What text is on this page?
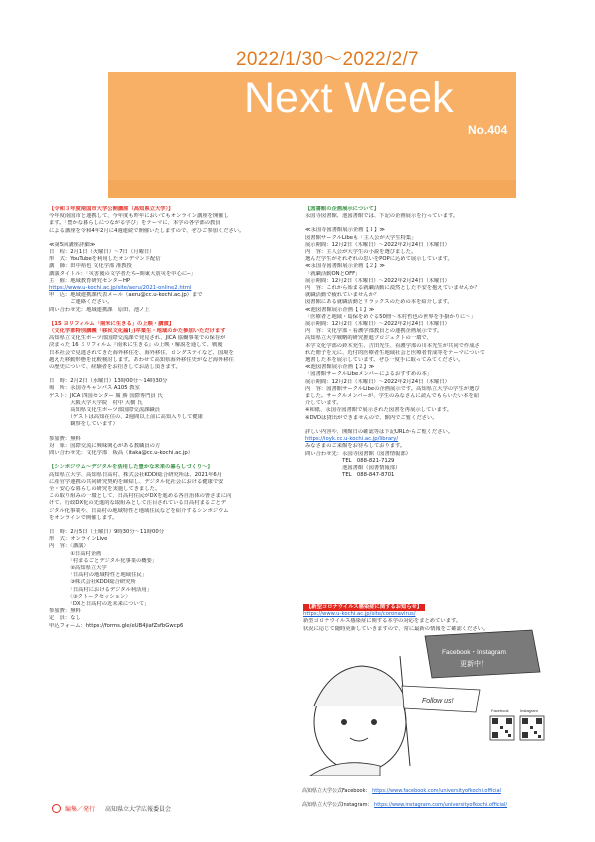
2022/1/30～2022/2/7
Next Week
No.404
【令和３年度南国市大学公開講座（高知県立大学）】
今年度南国市と連携して、今年度も昨年においてもオンライン講座を開催し
ます。「豊かな暮らしにつながる学び」をテーマに、本学の各学部の教員
による講座を令和4年2月に4週連続で開催いたしますので、ぜひご参加ください。
≪第5回講座詳細≫
日　程：2月1日（火曜日）～7日（月曜日）
形　式：YouTubeを利用したオンデマンド配信
講　師：田中裕也 文化学部 准教授
講演タイトル：「災害後の文学者たち─関東大震災を中心に─」
主　催：地域教育研究センターHP
https://www.u-kochi.ac.jp/site/aeru/2021-online2.html
申　込：地域連携課代表メール（aeru@cc.u-kochi.ac.jp）まで
　　　　ご連絡ください。
問い合わせ先：地域連携課　原田、池ノ上
【15 ヨリフィルム「南米に生きる」の上映・講演】
（文化学部特別講義「移民文化論Ⅰ」)卒業生・地域のかた参加いただけます
高知県立文化生ポーツ部国際交流課で発見され、JICA 協働事業での保存が
決まった 16 ミリフィルム『南米に生きる』の上映・解説を通して、戦後
日本社会で見逃されてきた海外移住を、海外移住、ロングステイなど、国境を
越えた移動形態を比較検討します。あわせて高知県海外移住史がなど海外移住
の歴史について、経験者をお招きしてお話し頂きます。
日　時：2月2日（水曜日）13時00分～14時30分
場　所：永国寺キャンパス A105 教室
ゲスト：JICA 四国センター 廣 勝 国際専門員 氏
　　　　大阪大学大学院　村中 大樹 氏
　　　　高知県文化生ポーツ部国際交流課職員
　　　　（ゲストは高知在住の、2週間以上前に高知入りして健康
　　　　観察をしています）
参加費：無料
対　象：国際交流に興味関心がある教職員の方
問い合わせ先：文化学部　板高（itaka@cc.u-kochi.ac.jp）
【シンポジウム～デジタルを活用した豊かな未来の暮らしづくり～】
高知県立大学、高知県日高村、株式会社KDDI総合研究所は、2021年6月
に産官学連携の共同研究契約を締結し、デジタル化社会における健康で安
全・安心な暮らしの研究を実施してきました。
この取り組みの一環として、日高村住民がDXを進める各自治体の皆さまに向
けて、行政DX化の先進的な取組みとして注目されている日高村まるごとデ
ジタル化事業や、日高村の地域特性と地域住民などを紹介するシンポジウム
をオンラインで開催します。
日　時：2月5日（土曜日）9時30分～11時00分
形　式：オンラインLive
内　容：〈講演〉
　　　　①日高村企画
　　　　「村まるごとデジタル化事業の概要」
　　　　②高知県立大学
　　　　「日高村の地域特性と地域住民」
　　　　③株式会社KDDI総合研究所
　　　　「日高村におけるデジタル利活用」
　　　　〈③クトークセッション〉
　　　　「DXと日高村の近未来について」
参加費：無料
定　員：なし
申込フォーム：https://forms.gle/eUB4jiafZsfbGwcp6
【図書館の企画展示について】
永国寺図書館、池図書館では、下記の企画展示を行っています。
≪永国寺図書館展示企画【１】≫
図書館サークルLibeも「主人公が大学生特集」
展示期間：12月2日（木曜日）～2022年2月24日（木曜日）
内　容：主人公が大学生の小説を選びました。
選んだ学生がそれぞれの思いをPOPに込めて展示しています。
≪永国寺図書館展示企画【２】≫
「就職活動ONとOFF」
展示期間：12月2日（木曜日）～2022年2月24日（木曜日）
内　容：これから始まる就職活動に漠然とした不安を抱えていませんか？
就職活動で疲れていませんか？
図書館にある就職活動とリラックスのための本を紹介します。
≪池図書館展示企画【１】≫
「医療者と地域・島保をめぐる50冊～木村哲也の世界を手掛かりに～」
展示期間：12月2日（木曜日）～2022年2月24日（木曜日）
内　容：文化学部・看護学部教員との連携企画展示です。
高知県立大学戦略的研究推進プロジェクトの一環で、
本学文化学部の鈴木充生、吉田光生、看護学部の川本光生が共同で作成さ
れた冊子を元に、近付的医療者生地域社会と医療者育成等をテーマについて
選書した本を展示しています。ぜひ一度手に取ってみてください。
≪池図書館展示企画【２】≫
「図書館サークルLibeメンバーによるおすすめの本」
展示期間：12月2日（木曜日）～2022年2月24日（木曜日）
内　容：図書館サークルLibeの企画展示です。高知県立大学の学生が選び
ました。サークルメンバーが、学生のみなさんに読んでもらいたい本を紹
介しています。
※和紙、永国寺図書館で展示された図書を再展示しています。
※DVDは貸出ができませんので、館内でご覧ください。
詳しい内容や、開館日の確認等は下記URLからご覧ください。
https://ioyk.cc.u-kochi.ac.jp/library/
みなさまのご来館をお待ちしております。
問い合わせ先：永国寺図書館（図書情報部）
　　　　　　　TEL　088-821-7129
　　　　　　　池図書館（図書情報部）
　　　　　　　TEL　088-847-8701
【新型コロナウイルス感染症に関するお知らせ】
https://www.u-kochi.ac.jp/site/coronavirus/
新型コロナウイルス感染症に関する本学の対応をまとめています。
状況に応じて随時更新していきますので、常に最新の情報をご確認ください。
Follow us!
Facebook・Instagram
更新中！
Facebook	Instagram
高知県立大学公式Facebook： https://www.facebook.com/universityofkochi.official
高知県立大学公式Instagram： https://www.instagram.com/universityofkochi.official/
編集／発行 高知県立大学広報委員会
